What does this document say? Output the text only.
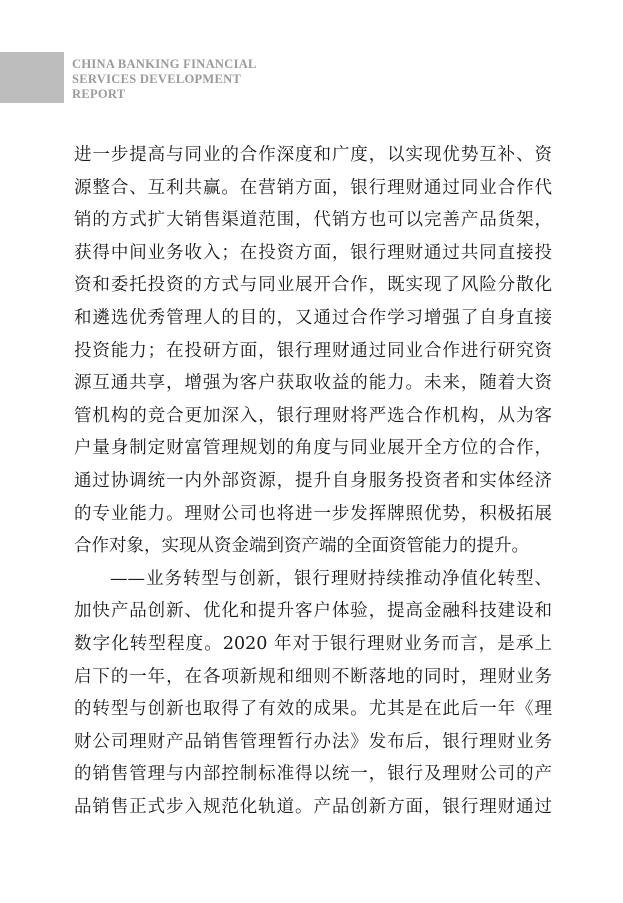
CHINA BANKING FINANCIAL
SERVICES DEVELOPMENT
REPORT
进一步提高与同业的合作深度和广度，以实现优势互补、资
源整合、互利共赢。在营销方面，银行理财通过同业合作代
销的方式扩大销售渠道范围，代销方也可以完善产品货架，
获得中间业务收入；在投资方面，银行理财通过共同直接投
资和委托投资的方式与同业展开合作，既实现了风险分散化
和遴选优秀管理人的目的，又通过合作学习增强了自身直接
投资能力；在投研方面，银行理财通过同业合作进行研究资
源互通共享，增强为客户获取收益的能力。未来，随着大资
管机构的竞合更加深入，银行理财将严选合作机构，从为客
户量身制定财富管理规划的角度与同业展开全方位的合作，
通过协调统一内外部资源，提升自身服务投资者和实体经济
的专业能力。理财公司也将进一步发挥牌照优势，积极拓展
合作对象，实现从资金端到资产端的全面资管能力的提升。
——业务转型与创新，银行理财持续推动净值化转型、
加快产品创新、优化和提升客户体验，提高金融科技建设和
数字化转型程度。2020 年对于银行理财业务而言，是承上
启下的一年，在各项新规和细则不断落地的同时，理财业务
的转型与创新也取得了有效的成果。尤其是在此后一年《理
财公司理财产品销售管理暂行办法》发布后，银行理财业务
的销售管理与内部控制标准得以统一，银行及理财公司的产
品销售正式步入规范化轨道。产品创新方面，银行理财通过
